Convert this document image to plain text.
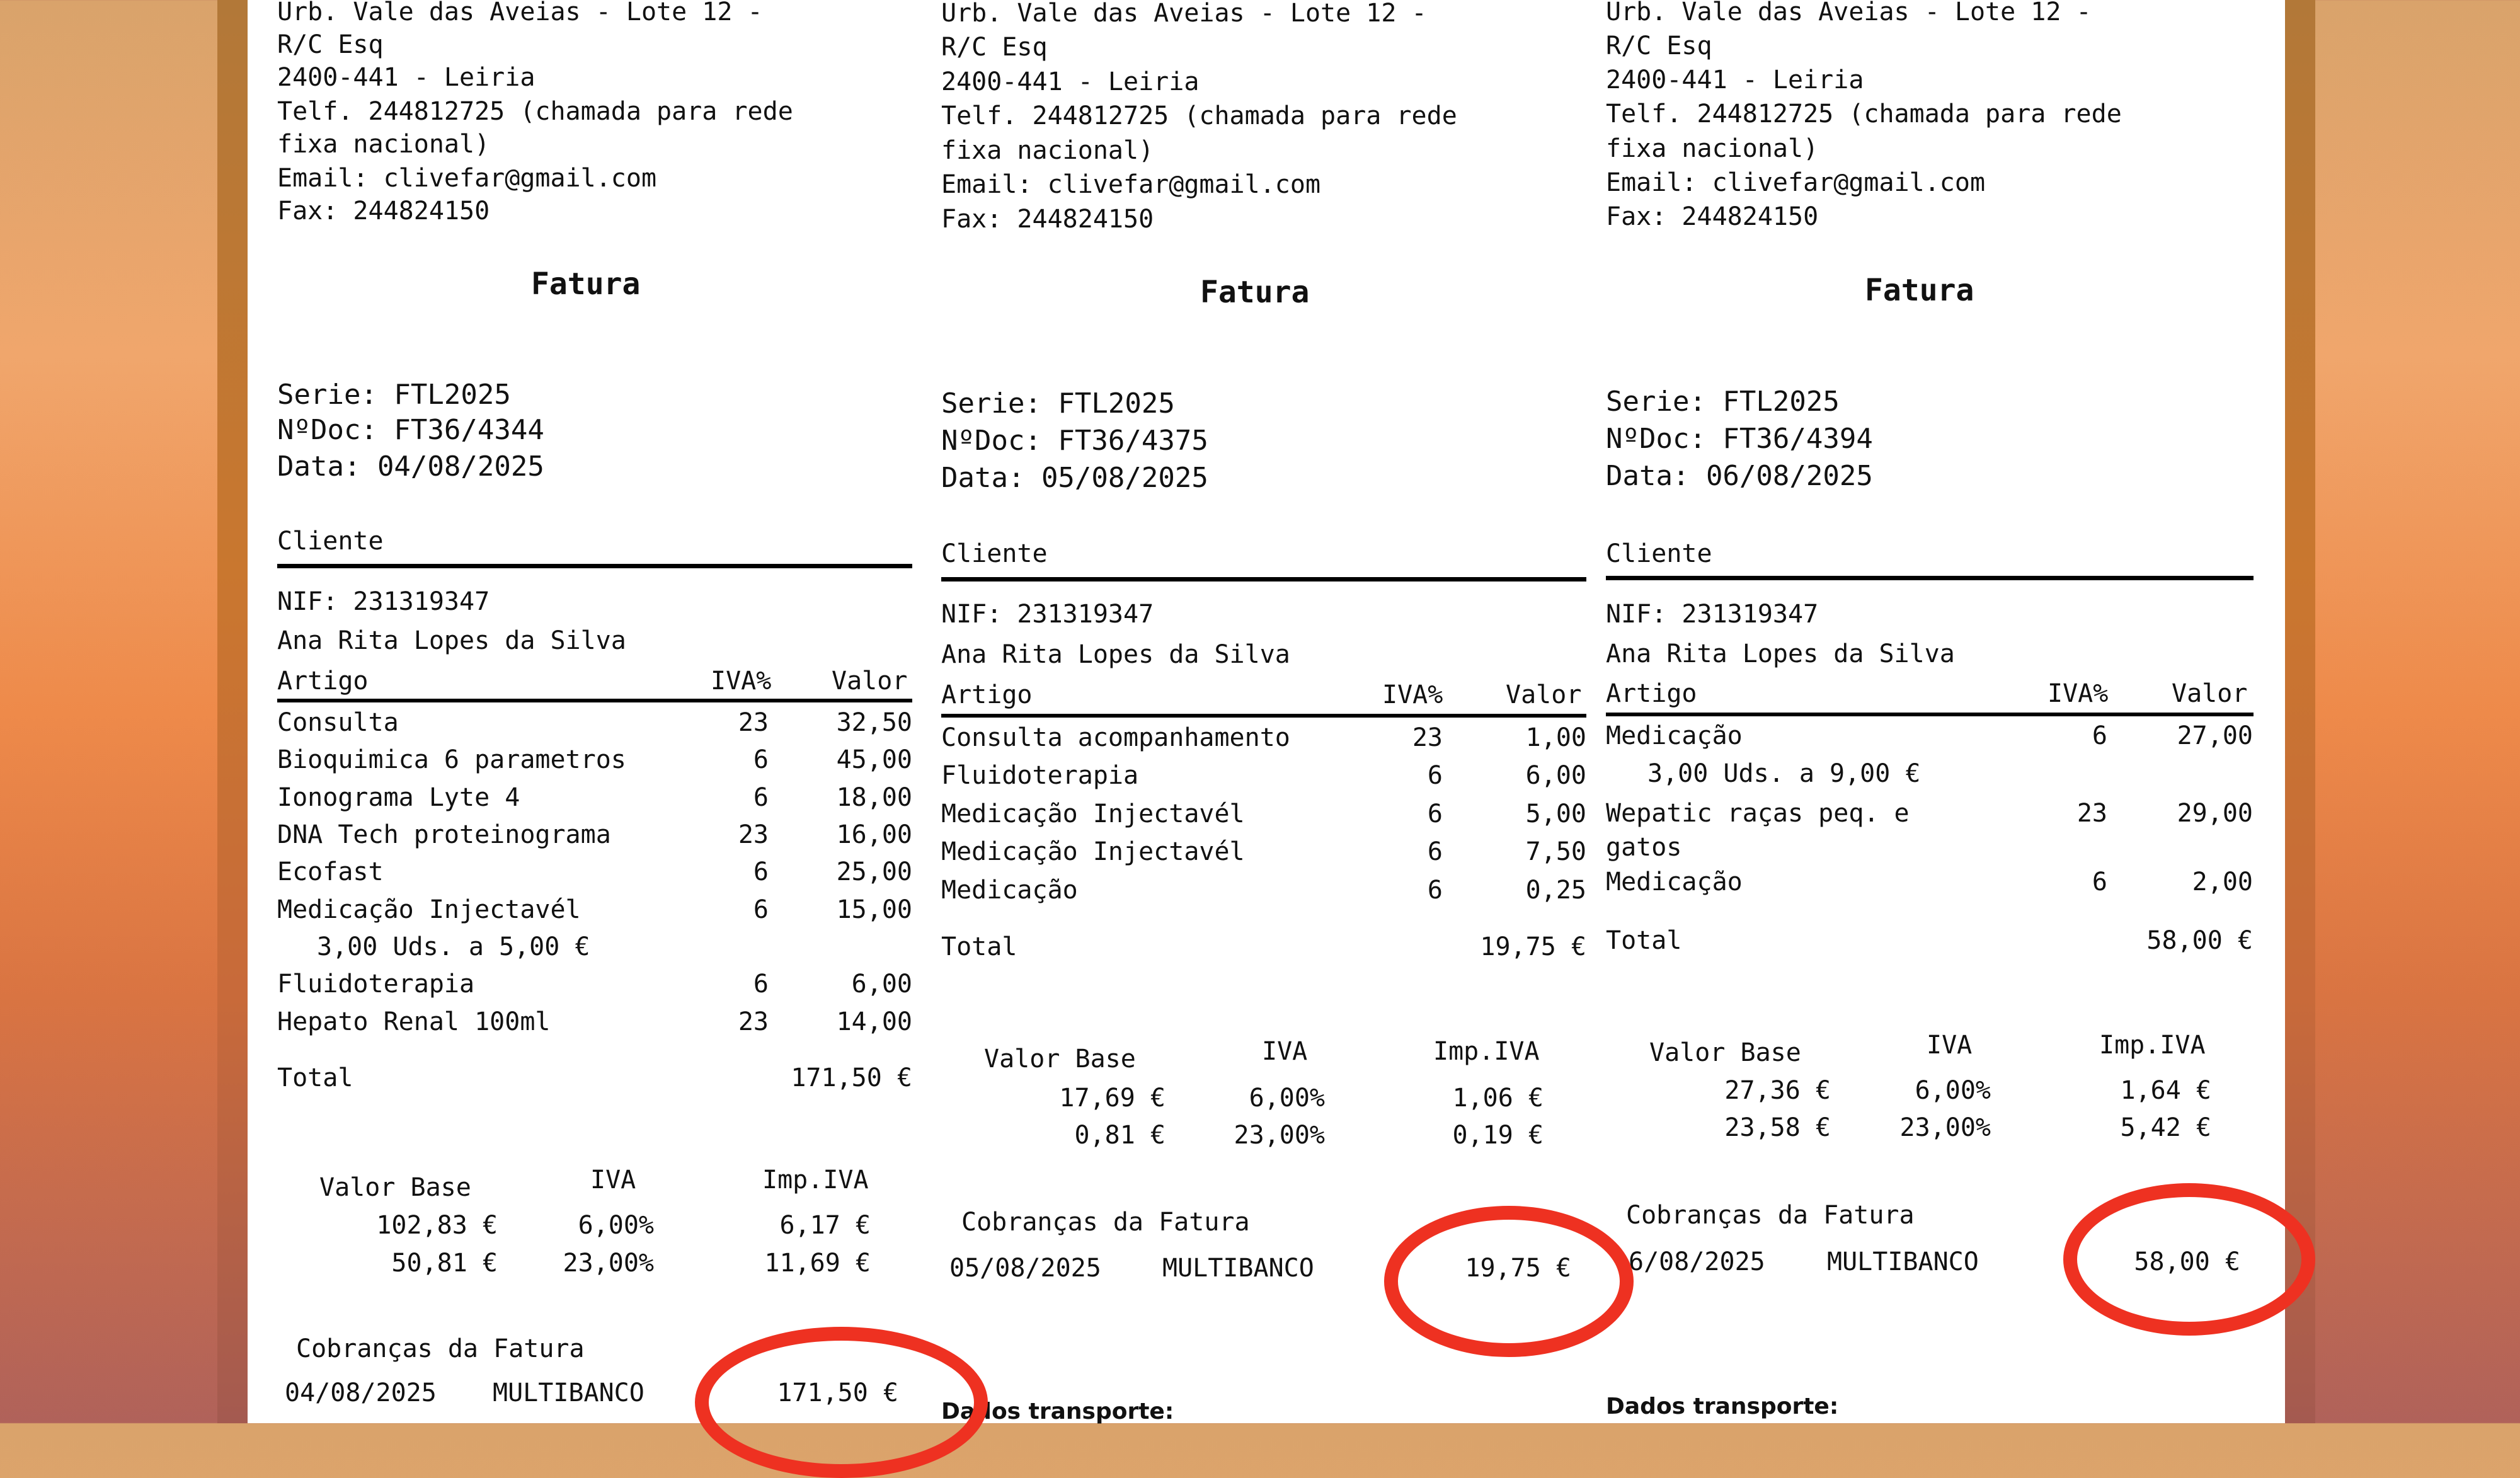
Urb. Vale das Aveias - Lote 12 -
R/C Esq
2400-441 - Leiria
Telf. 244812725 (chamada para rede
fixa nacional)
Email: clivefar@gmail.com
Fax: 244824150
Fatura
Serie: FTL2025
NºDoc: FT36/4344
Data: 04/08/2025
Cliente
NIF: 231319347
Ana Rita Lopes da Silva
Artigo	IVA% Valor
Consulta	23	32,50
Bioquimica 6 parametros	6	45,00
Ionograma Lyte 4	6	18,00
DNA Tech proteinograma	23	16,00
Ecofast	6	25,00
Medicação Injectavél	6	15,00
3,00 Uds. a 5,00 €
Fluidoterapia	6	6,00
Hepato Renal 100ml	23	14,00
Total	171,50 €
Valor Base	IVA	Imp.IVA
102,83 €	6,00%	6,17 €
50,81 €	23,00%	11,69 €
Cobranças da Fatura
04/08/2025 MULTIBANCO	171,50 €
Urb. Vale das Aveias - Lote 12 -
R/C Esq
2400-441 - Leiria
Telf. 244812725 (chamada para rede
fixa nacional)
Email: clivefar@gmail.com
Fax: 244824150
Fatura
Serie: FTL2025
NºDoc: FT36/4375
Data: 05/08/2025
Cliente
NIF: 231319347
Ana Rita Lopes da Silva
Artigo	IVA% Valor
Consulta acompanhamento	23	1,00
Fluidoterapia	6	6,00
Medicação Injectavél	6	5,00
Medicação Injectavél	6	7,50
Medicação	6	0,25
Total	19,75 €
Valor Base	IVA	Imp.IVA
17,69 €	6,00%	1,06 €
0,81 €	23,00%	0,19 €
Cobranças da Fatura
05/08/2025 MULTIBANCO	19,75 €
Dados transporte:
Urb. Vale das Aveias - Lote 12 -
R/C Esq
2400-441 - Leiria
Telf. 244812725 (chamada para rede
fixa nacional)
Email: clivefar@gmail.com
Fax: 244824150
Fatura
Serie: FTL2025
NºDoc: FT36/4394
Data: 06/08/2025
Cliente
NIF: 231319347
Ana Rita Lopes da Silva
Artigo	IVA%	Valor
Medicação	6	27,00
3,00 Uds. a 9,00 €
Wepatic raças peq. e	23	29,00
gatos
Medicação	6	2,00
Total	58,00 €
Valor Base	IVA	Imp.IVA
27,36 €	6,00%	1,64 €
23,58 €	23,00%	5,42 €
Cobranças da Fatura
6/08/2025 MULTIBANCO	58,00 €
Dados transporte:
